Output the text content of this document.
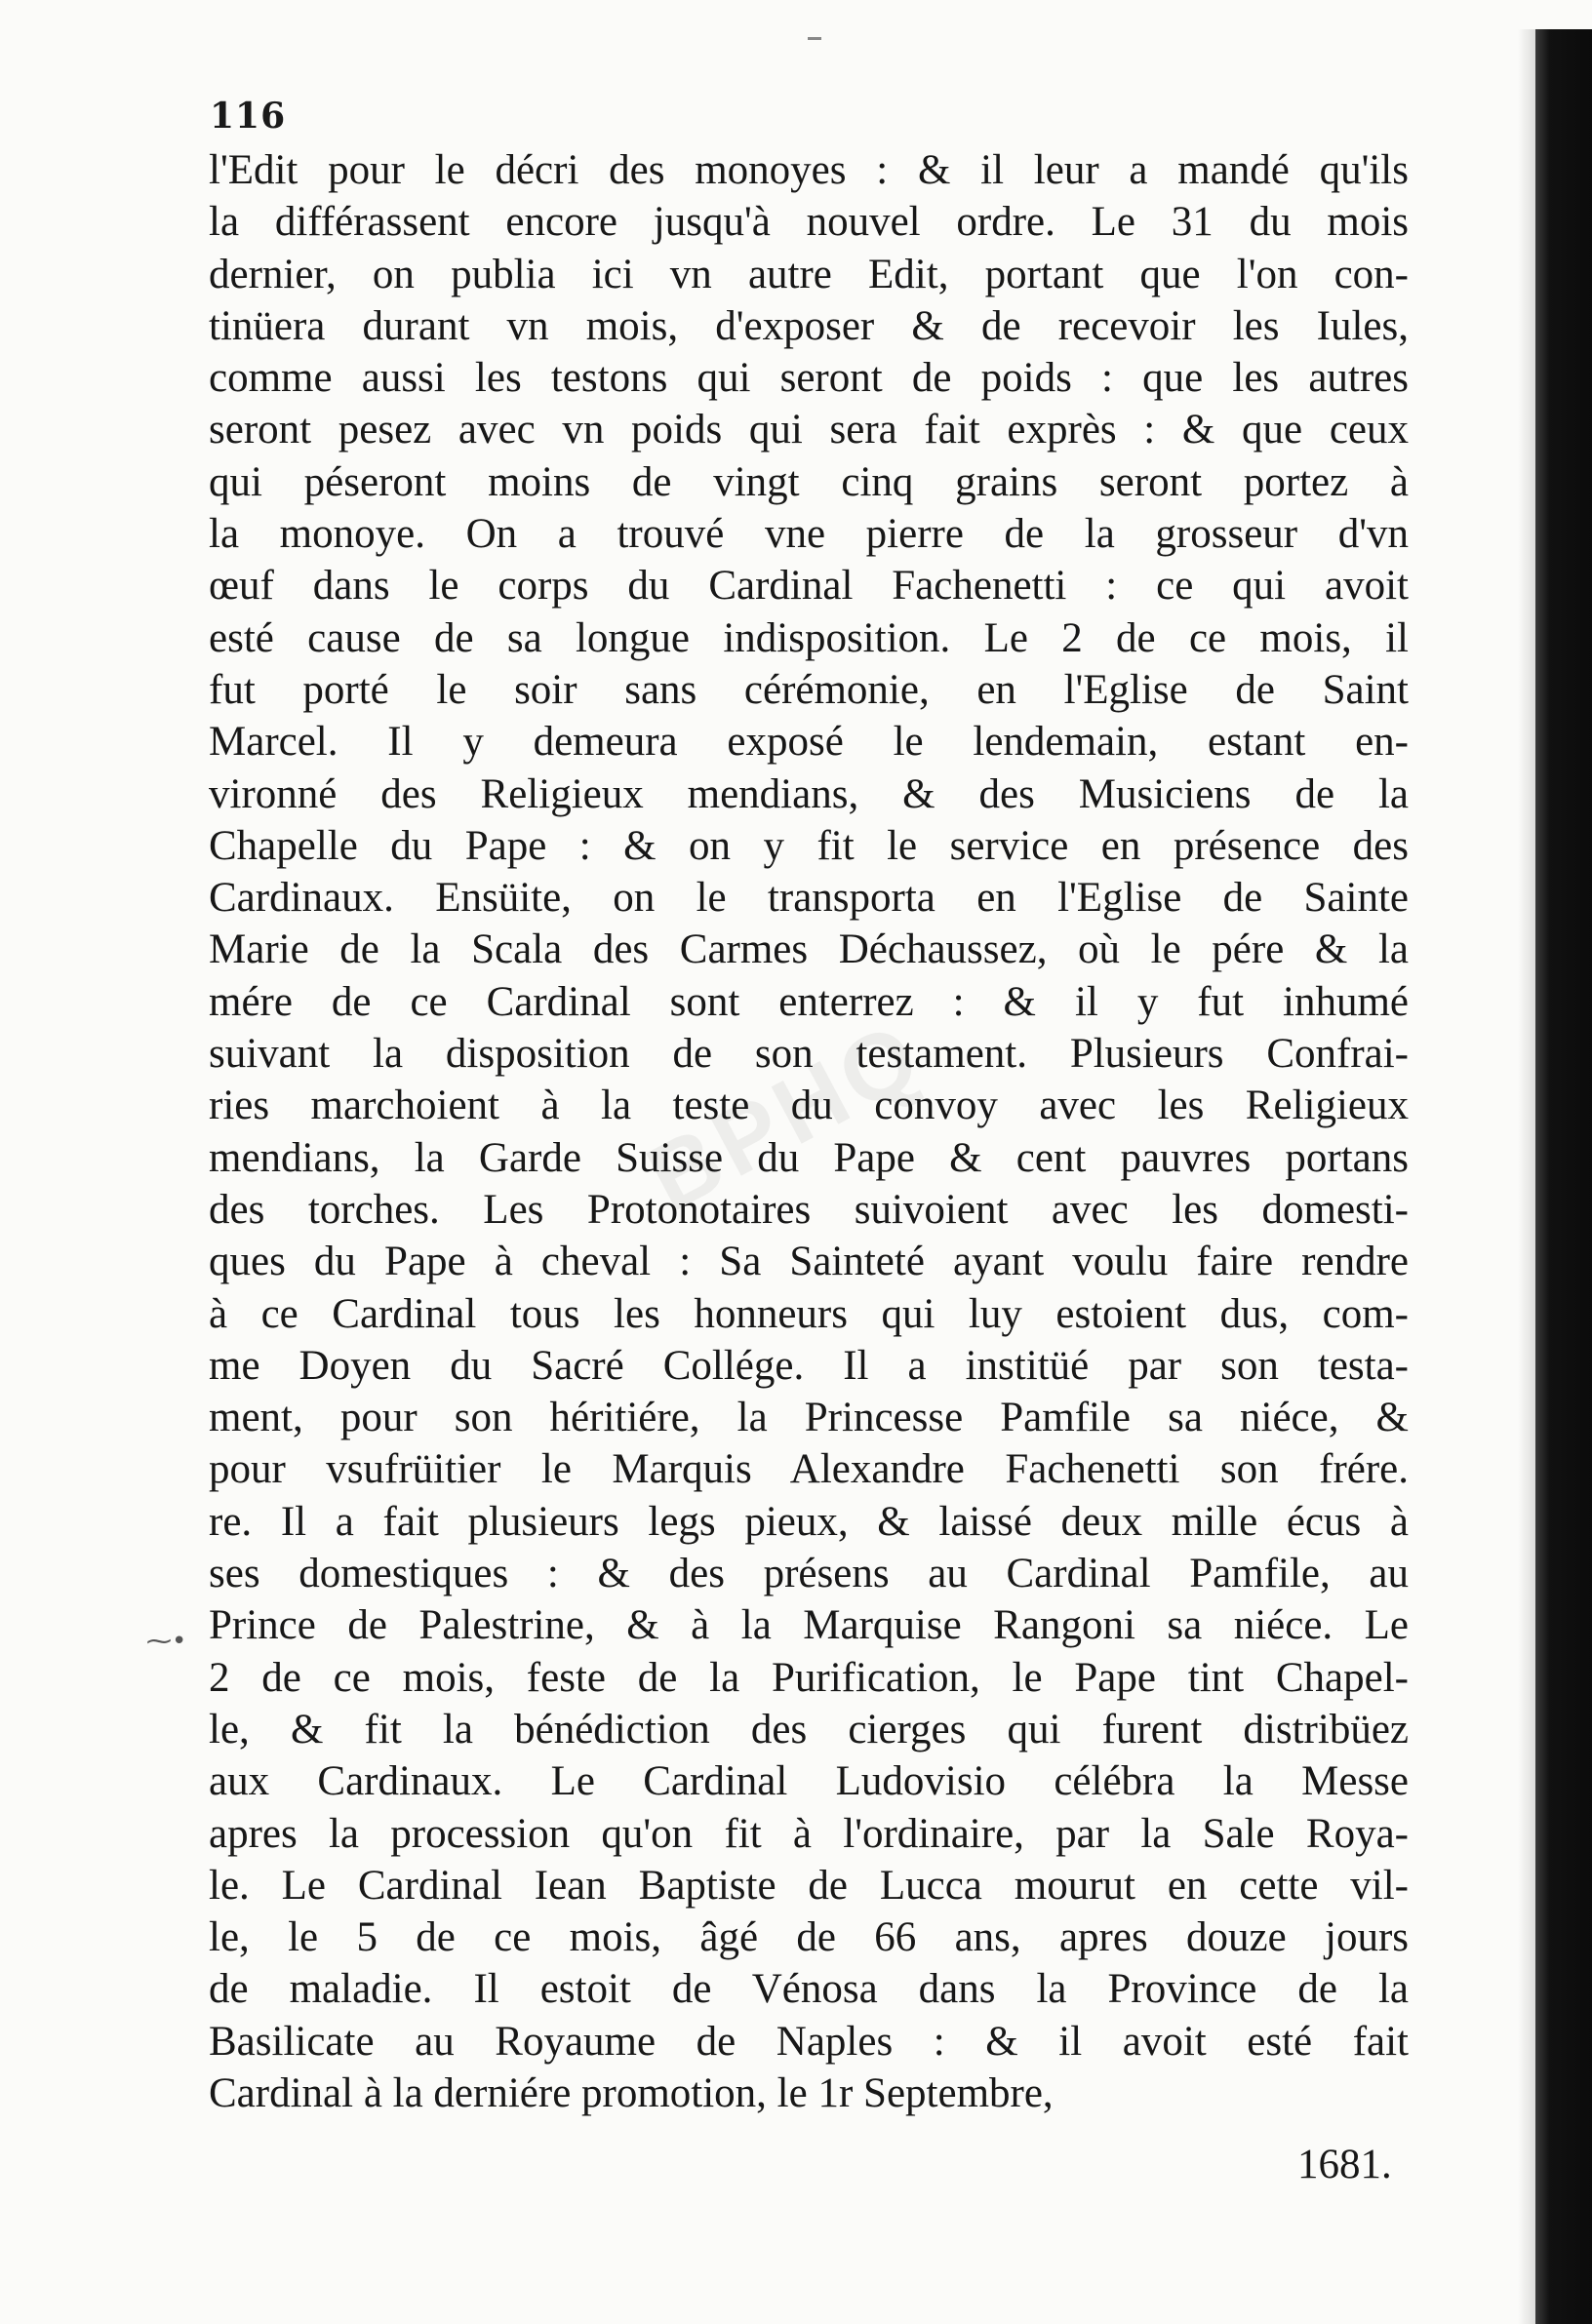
116
⁓•
BPHQ
l'Edit pour le décri des monoyes : & il leur a mandé qu'ils
la différassent encore jusqu'à nouvel ordre. Le 31 du mois
dernier, on publia ici vn autre Edit, portant que l'on con-
tinüera durant vn mois, d'exposer & de recevoir les Iules,
comme aussi les testons qui seront de poids : que les autres
seront pesez avec vn poids qui sera fait exprès : & que ceux
qui péseront moins de vingt cinq grains seront portez à
la monoye. On a trouvé vne pierre de la grosseur d'vn
œuf dans le corps du Cardinal Fachenetti : ce qui avoit
esté cause de sa longue indisposition. Le 2 de ce mois, il
fut porté le soir sans cérémonie, en l'Eglise de Saint
Marcel. Il y demeura exposé le lendemain, estant en-
vironné des Religieux mendians, & des Musiciens de la
Chapelle du Pape : & on y fit le service en présence des
Cardinaux. Ensüite, on le transporta en l'Eglise de Sainte
Marie de la Scala des Carmes Déchaussez, où le pére & la
mére de ce Cardinal sont enterrez : & il y fut inhumé
suivant la disposition de son testament. Plusieurs Confrai-
ries marchoient à la teste du convoy avec les Religieux
mendians, la Garde Suisse du Pape & cent pauvres portans
des torches. Les Protonotaires suivoient avec les domesti-
ques du Pape à cheval : Sa Sainteté ayant voulu faire rendre
à ce Cardinal tous les honneurs qui luy estoient dus, com-
me Doyen du Sacré Collége. Il a institüé par son testa-
ment, pour son héritiére, la Princesse Pamfile sa niéce, &
pour vsufrüitier le Marquis Alexandre Fachenetti son frére.
re. Il a fait plusieurs legs pieux, & laissé deux mille écus à
ses domestiques : & des présens au Cardinal Pamfile, au
Prince de Palestrine, & à la Marquise Rangoni sa niéce. Le
2 de ce mois, feste de la Purification, le Pape tint Chapel-
le, & fit la bénédiction des cierges qui furent distribüez
aux Cardinaux. Le Cardinal Ludovisio célébra la Messe
apres la procession qu'on fit à l'ordinaire, par la Sale Roya-
le. Le Cardinal Iean Baptiste de Lucca mourut en cette vil-
le, le 5 de ce mois, âgé de 66 ans, apres douze jours
de maladie. Il estoit de Vénosa dans la Province de la
Basilicate au Royaume de Naples : & il avoit esté fait
Cardinal à la derniére promotion, le 1r Septembre,
1681.
